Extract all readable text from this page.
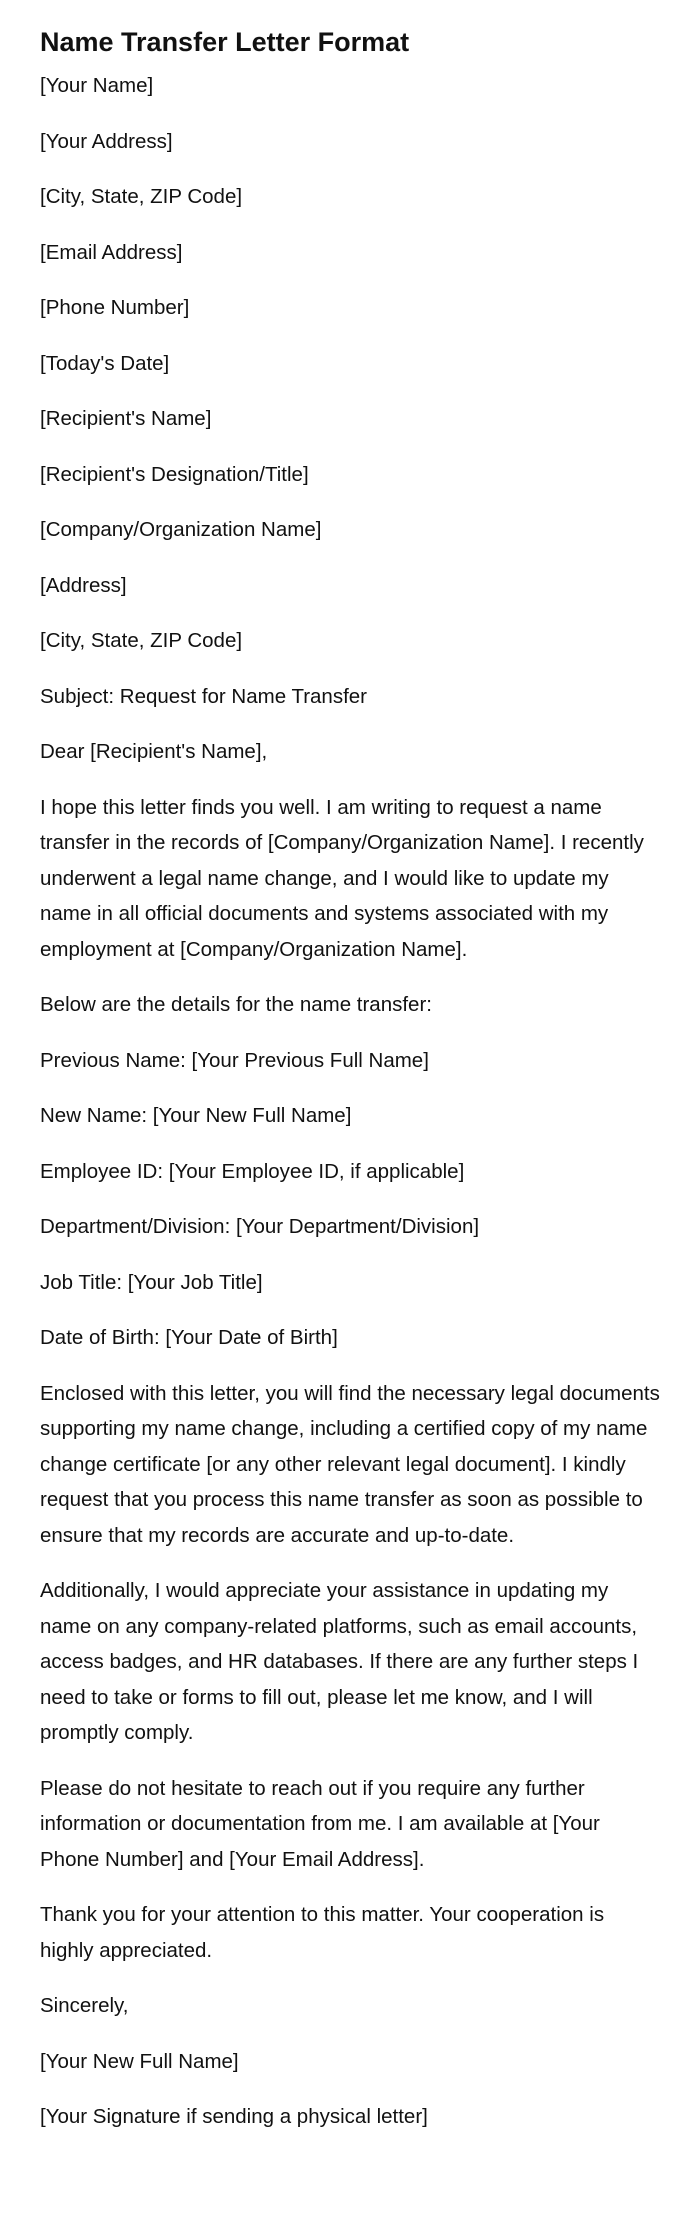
Name Transfer Letter Format

[Your Name]

[Your Address]

[City, State, ZIP Code]

[Email Address]

[Phone Number]

[Today's Date]

[Recipient's Name]

[Recipient's Designation/Title]

[Company/Organization Name]

[Address]

[City, State, ZIP Code]

Subject: Request for Name Transfer

Dear [Recipient's Name],

I hope this letter finds you well. I am writing to request a name transfer in the records of [Company/Organization Name]. I recently underwent a legal name change, and I would like to update my name in all official documents and systems associated with my employment at [Company/Organization Name].

Below are the details for the name transfer:

Previous Name: [Your Previous Full Name]

New Name: [Your New Full Name]

Employee ID: [Your Employee ID, if applicable]

Department/Division: [Your Department/Division]

Job Title: [Your Job Title]

Date of Birth: [Your Date of Birth]

Enclosed with this letter, you will find the necessary legal documents supporting my name change, including a certified copy of my name change certificate [or any other relevant legal document]. I kindly request that you process this name transfer as soon as possible to ensure that my records are accurate and up-to-date.

Additionally, I would appreciate your assistance in updating my name on any company-related platforms, such as email accounts, access badges, and HR databases. If there are any further steps I need to take or forms to fill out, please let me know, and I will promptly comply.

Please do not hesitate to reach out if you require any further information or documentation from me. I am available at [Your Phone Number] and [Your Email Address].

Thank you for your attention to this matter. Your cooperation is highly appreciated.

Sincerely,

[Your New Full Name]

[Your Signature if sending a physical letter]
